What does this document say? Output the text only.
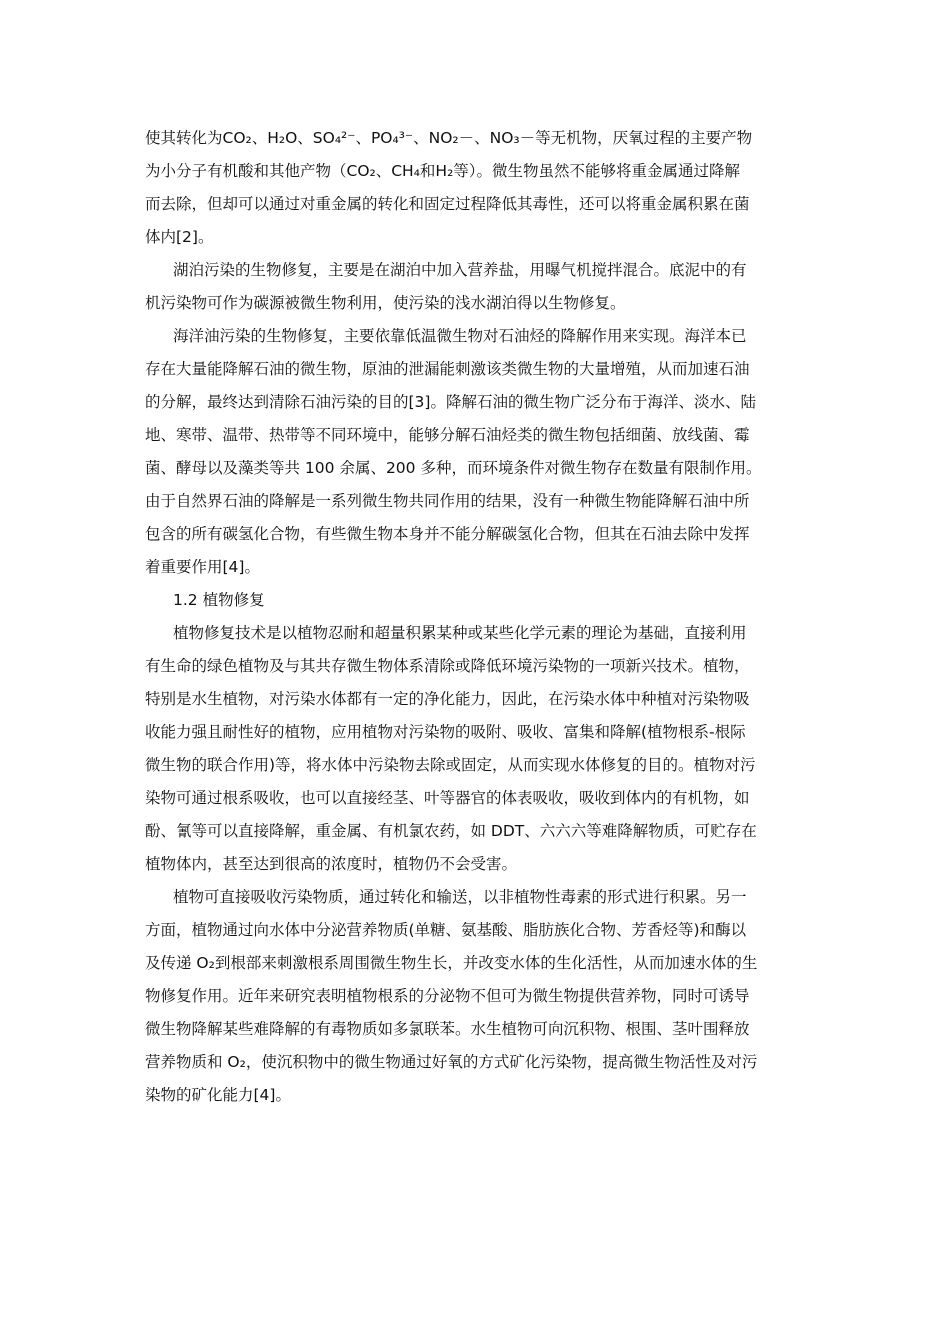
使其转化为CO₂、H₂O、SO₄²⁻、PO₄³⁻、NO₂－、NO₃－等无机物，厌氧过程的主要产物
为小分子有机酸和其他产物（CO₂、CH₄和H₂等）。微生物虽然不能够将重金属通过降解
而去除，但却可以通过对重金属的转化和固定过程降低其毒性，还可以将重金属积累在菌
体内[2]。

湖泊污染的生物修复，主要是在湖泊中加入营养盐，用曝气机搅拌混合。底泥中的有
机污染物可作为碳源被微生物利用，使污染的浅水湖泊得以生物修复。

海洋油污染的生物修复，主要依靠低温微生物对石油烃的降解作用来实现。海洋本已
存在大量能降解石油的微生物，原油的泄漏能刺激该类微生物的大量增殖，从而加速石油
的分解，最终达到清除石油污染的目的[3]。降解石油的微生物广泛分布于海洋、淡水、陆
地、寒带、温带、热带等不同环境中，能够分解石油烃类的微生物包括细菌、放线菌、霉
菌、酵母以及藻类等共 100 余属、200 多种，而环境条件对微生物存在数量有限制作用。
由于自然界石油的降解是一系列微生物共同作用的结果，没有一种微生物能降解石油中所
包含的所有碳氢化合物，有些微生物本身并不能分解碳氢化合物，但其在石油去除中发挥
着重要作用[4]。

1.2 植物修复

植物修复技术是以植物忍耐和超量积累某种或某些化学元素的理论为基础，直接利用
有生命的绿色植物及与其共存微生物体系清除或降低环境污染物的一项新兴技术。植物，
特别是水生植物，对污染水体都有一定的净化能力，因此，在污染水体中种植对污染物吸
收能力强且耐性好的植物，应用植物对污染物的吸附、吸收、富集和降解(植物根系-根际
微生物的联合作用)等，将水体中污染物去除或固定，从而实现水体修复的目的。植物对污
染物可通过根系吸收，也可以直接经茎、叶等器官的体表吸收，吸收到体内的有机物，如
酚、氰等可以直接降解，重金属、有机氯农药，如 DDT、六六六等难降解物质，可贮存在
植物体内，甚至达到很高的浓度时，植物仍不会受害。

植物可直接吸收污染物质，通过转化和输送，以非植物性毒素的形式进行积累。另一
方面，植物通过向水体中分泌营养物质(单糖、氨基酸、脂肪族化合物、芳香烃等)和酶以
及传递 O₂到根部来刺激根系周围微生物生长，并改变水体的生化活性，从而加速水体的生
物修复作用。近年来研究表明植物根系的分泌物不但可为微生物提供营养物，同时可诱导
微生物降解某些难降解的有毒物质如多氯联苯。水生植物可向沉积物、根围、茎叶围释放
营养物质和 O₂，使沉积物中的微生物通过好氧的方式矿化污染物，提高微生物活性及对污
染物的矿化能力[4]。
